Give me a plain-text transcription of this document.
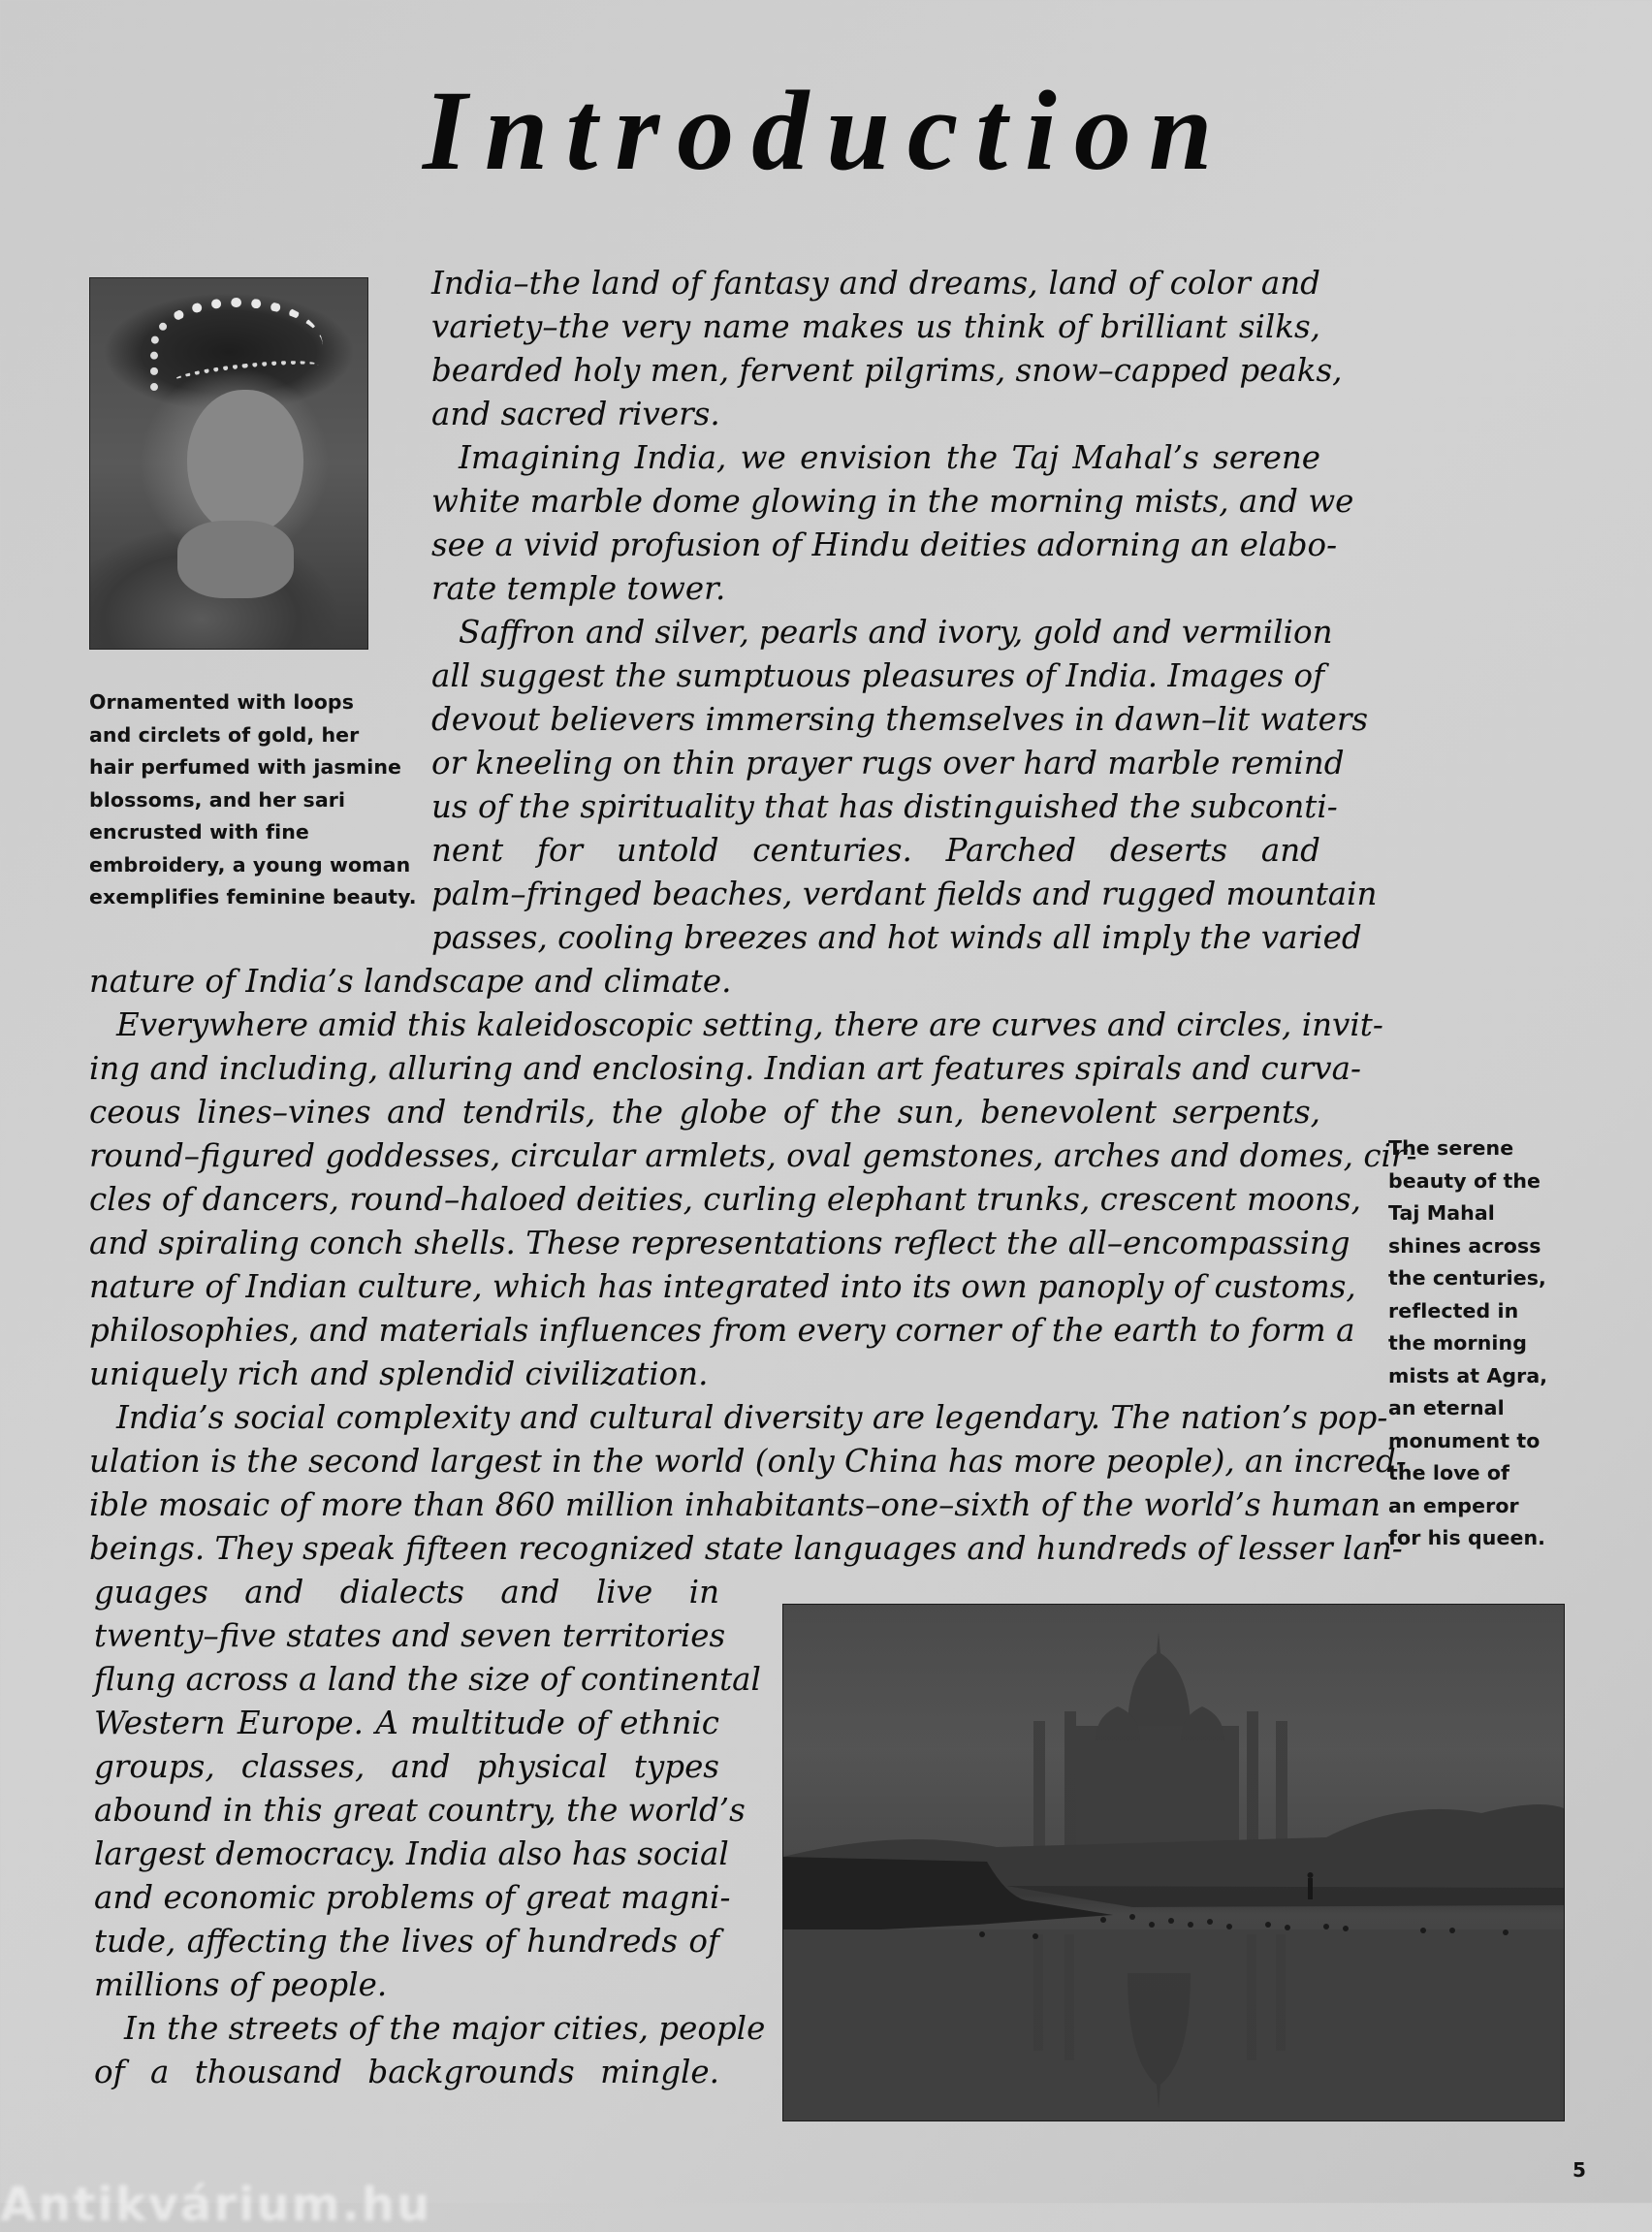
Introduction
Ornamented with loops
and circlets of gold, her
hair perfumed with jasmine
blossoms, and her sari
encrusted with fine
embroidery, a young woman
exemplifies feminine beauty.
India–the land of fantasy and dreams, land of color and
variety–the very name makes us think of brilliant silks,
bearded holy men, fervent pilgrims, snow–capped peaks,
and sacred rivers.
Imagining India, we envision the Taj Mahal’s serene
white marble dome glowing in the morning mists, and we
see a vivid profusion of Hindu deities adorning an elabo-
rate temple tower.
Saffron and silver, pearls and ivory, gold and vermilion
all suggest the sumptuous pleasures of India. Images of
devout believers immersing themselves in dawn–lit waters
or kneeling on thin prayer rugs over hard marble remind
us of the spirituality that has distinguished the subconti-
nent for untold centuries. Parched deserts and
palm–fringed beaches, verdant fields and rugged mountain
passes, cooling breezes and hot winds all imply the varied
nature of India’s landscape and climate.
Everywhere amid this kaleidoscopic setting, there are curves and circles, invit-
ing and including, alluring and enclosing. Indian art features spirals and curva-
ceous lines–vines and tendrils, the globe of the sun, benevolent serpents,
round–figured goddesses, circular armlets, oval gemstones, arches and domes, cir-
cles of dancers, round–haloed deities, curling elephant trunks, crescent moons,
and spiraling conch shells. These representations reflect the all–encompassing
nature of Indian culture, which has integrated into its own panoply of customs,
philosophies, and materials influences from every corner of the earth to form a
uniquely rich and splendid civilization.
India’s social complexity and cultural diversity are legendary. The nation’s pop-
ulation is the second largest in the world (only China has more people), an incred-
ible mosaic of more than 860 million inhabitants–one–sixth of the world’s human
beings. They speak fifteen recognized state languages and hundreds of lesser lan-
The serene
beauty of the
Taj Mahal
shines across
the centuries,
reflected in
the morning
mists at Agra,
an eternal
monument to
the love of
an emperor
for his queen.
guages and dialects and live in
twenty–five states and seven territories
flung across a land the size of continental
Western Europe. A multitude of ethnic
groups, classes, and physical types
abound in this great country, the world’s
largest democracy. India also has social
and economic problems of great magni-
tude, affecting the lives of hundreds of
millions of people.
In the streets of the major cities, people
of a thousand backgrounds mingle.
5
Antikvárium.hu
